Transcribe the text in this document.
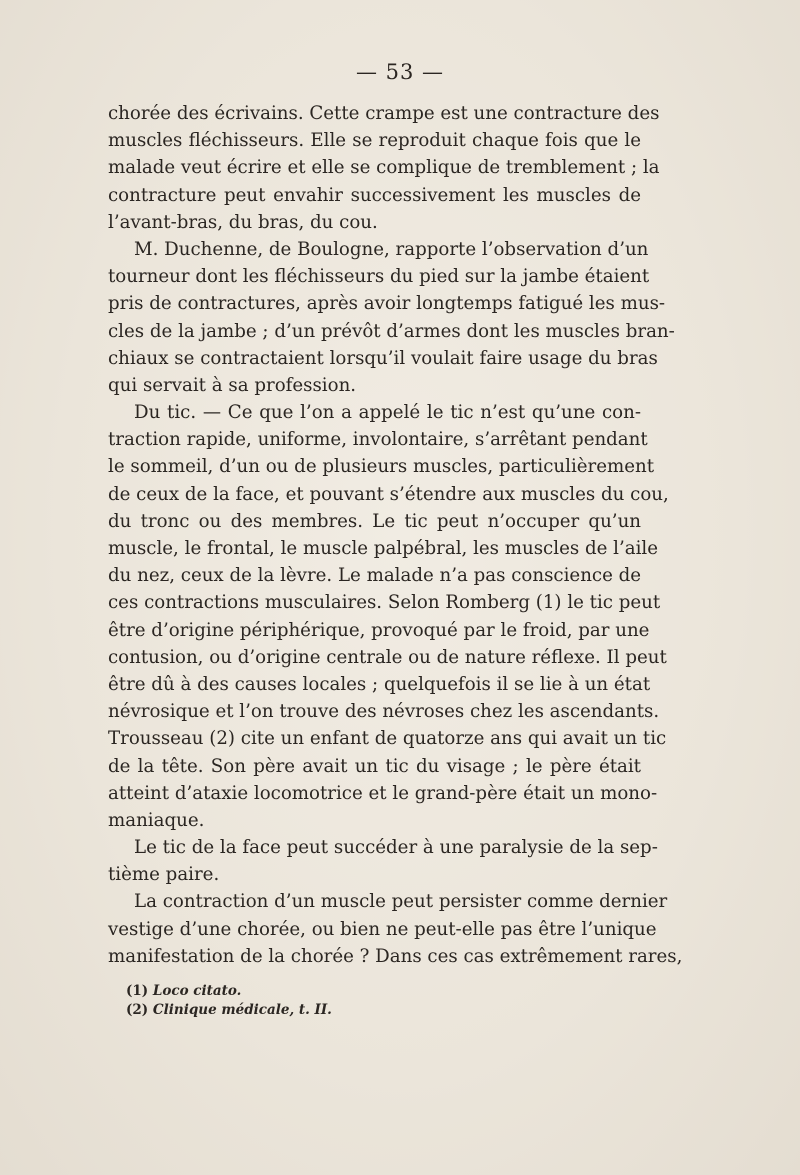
— 53 —
chorée des écrivains. Cette crampe est une contracture des
muscles fléchisseurs. Elle se reproduit chaque fois que le
malade veut écrire et elle se complique de tremblement ; la
contracture peut envahir successivement les muscles de
l’avant-bras, du bras, du cou.
M. Duchenne, de Boulogne, rapporte l’observation d’un
tourneur dont les fléchisseurs du pied sur la jambe étaient
pris de contractures, après avoir longtemps fatigué les mus-
cles de la jambe ; d’un prévôt d’armes dont les muscles bran-
chiaux se contractaient lorsqu’il voulait faire usage du bras
qui servait à sa profession.
Du tic. — Ce que l’on a appelé le tic n’est qu’une con-
traction rapide, uniforme, involontaire, s’arrêtant pendant
le sommeil, d’un ou de plusieurs muscles, particulièrement
de ceux de la face, et pouvant s’étendre aux muscles du cou,
du tronc ou des membres. Le tic peut n’occuper qu’un
muscle, le frontal, le muscle palpébral, les muscles de l’aile
du nez, ceux de la lèvre. Le malade n’a pas conscience de
ces contractions musculaires. Selon Romberg (1) le tic peut
être d’origine périphérique, provoqué par le froid, par une
contusion, ou d’origine centrale ou de nature réflexe. Il peut
être dû à des causes locales ; quelquefois il se lie à un état
névrosique et l’on trouve des névroses chez les ascendants.
Trousseau (2) cite un enfant de quatorze ans qui avait un tic
de la tête. Son père avait un tic du visage ; le père était
atteint d’ataxie locomotrice et le grand-père était un mono-
maniaque.
Le tic de la face peut succéder à une paralysie de la sep-
tième paire.
La contraction d’un muscle peut persister comme dernier
vestige d’une chorée, ou bien ne peut-elle pas être l’unique
manifestation de la chorée ? Dans ces cas extrêmement rares,
(1) Loco citato.
(2) Clinique médicale, t. II.
